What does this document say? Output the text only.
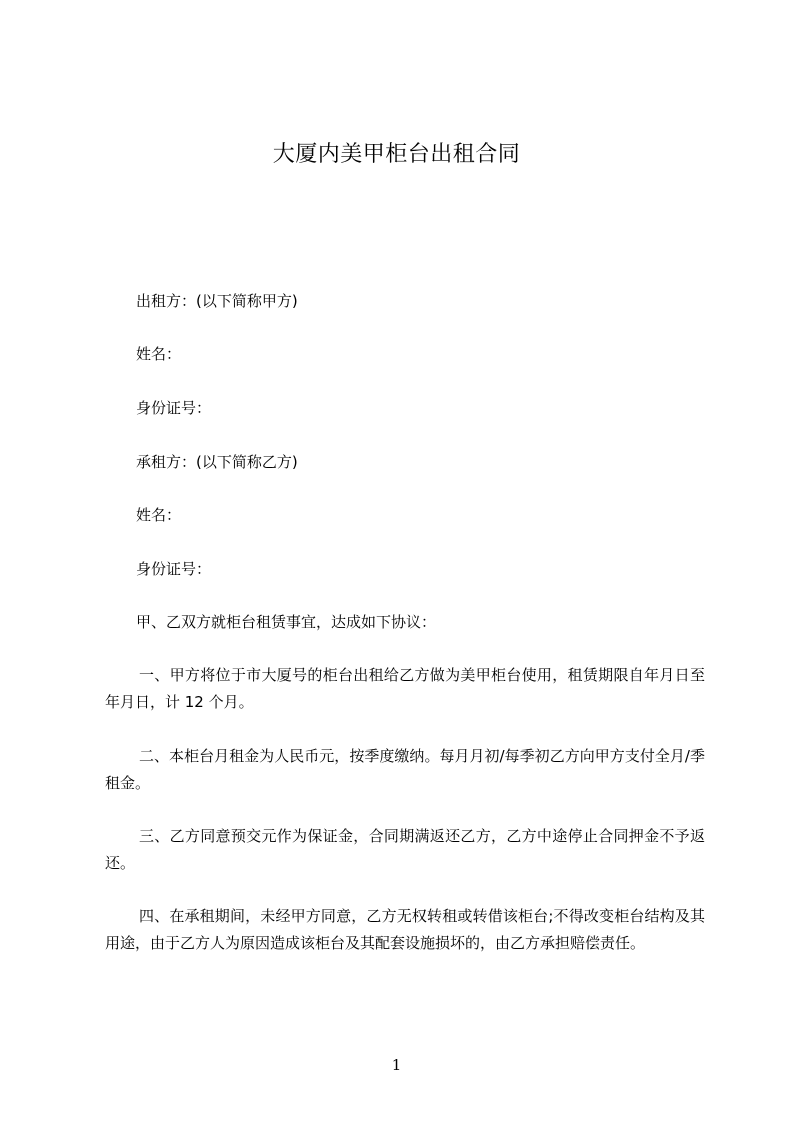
大厦内美甲柜台出租合同
出租方：(以下简称甲方)
姓名：
身份证号：
承租方：(以下简称乙方)
姓名：
身份证号：
甲、乙双方就柜台租赁事宜，达成如下协议：

一、甲方将位于市大厦号的柜台出租给乙方做为美甲柜台使用，租赁期限自年月日至年月日，计 12 个月。

二、本柜台月租金为人民币元，按季度缴纳。每月月初/每季初乙方向甲方支付全月/季租金。

三、乙方同意预交元作为保证金，合同期满返还乙方，乙方中途停止合同押金不予返还。

四、在承租期间，未经甲方同意，乙方无权转租或转借该柜台;不得改变柜台结构及其用途，由于乙方人为原因造成该柜台及其配套设施损坏的，由乙方承担赔偿责任。

1
